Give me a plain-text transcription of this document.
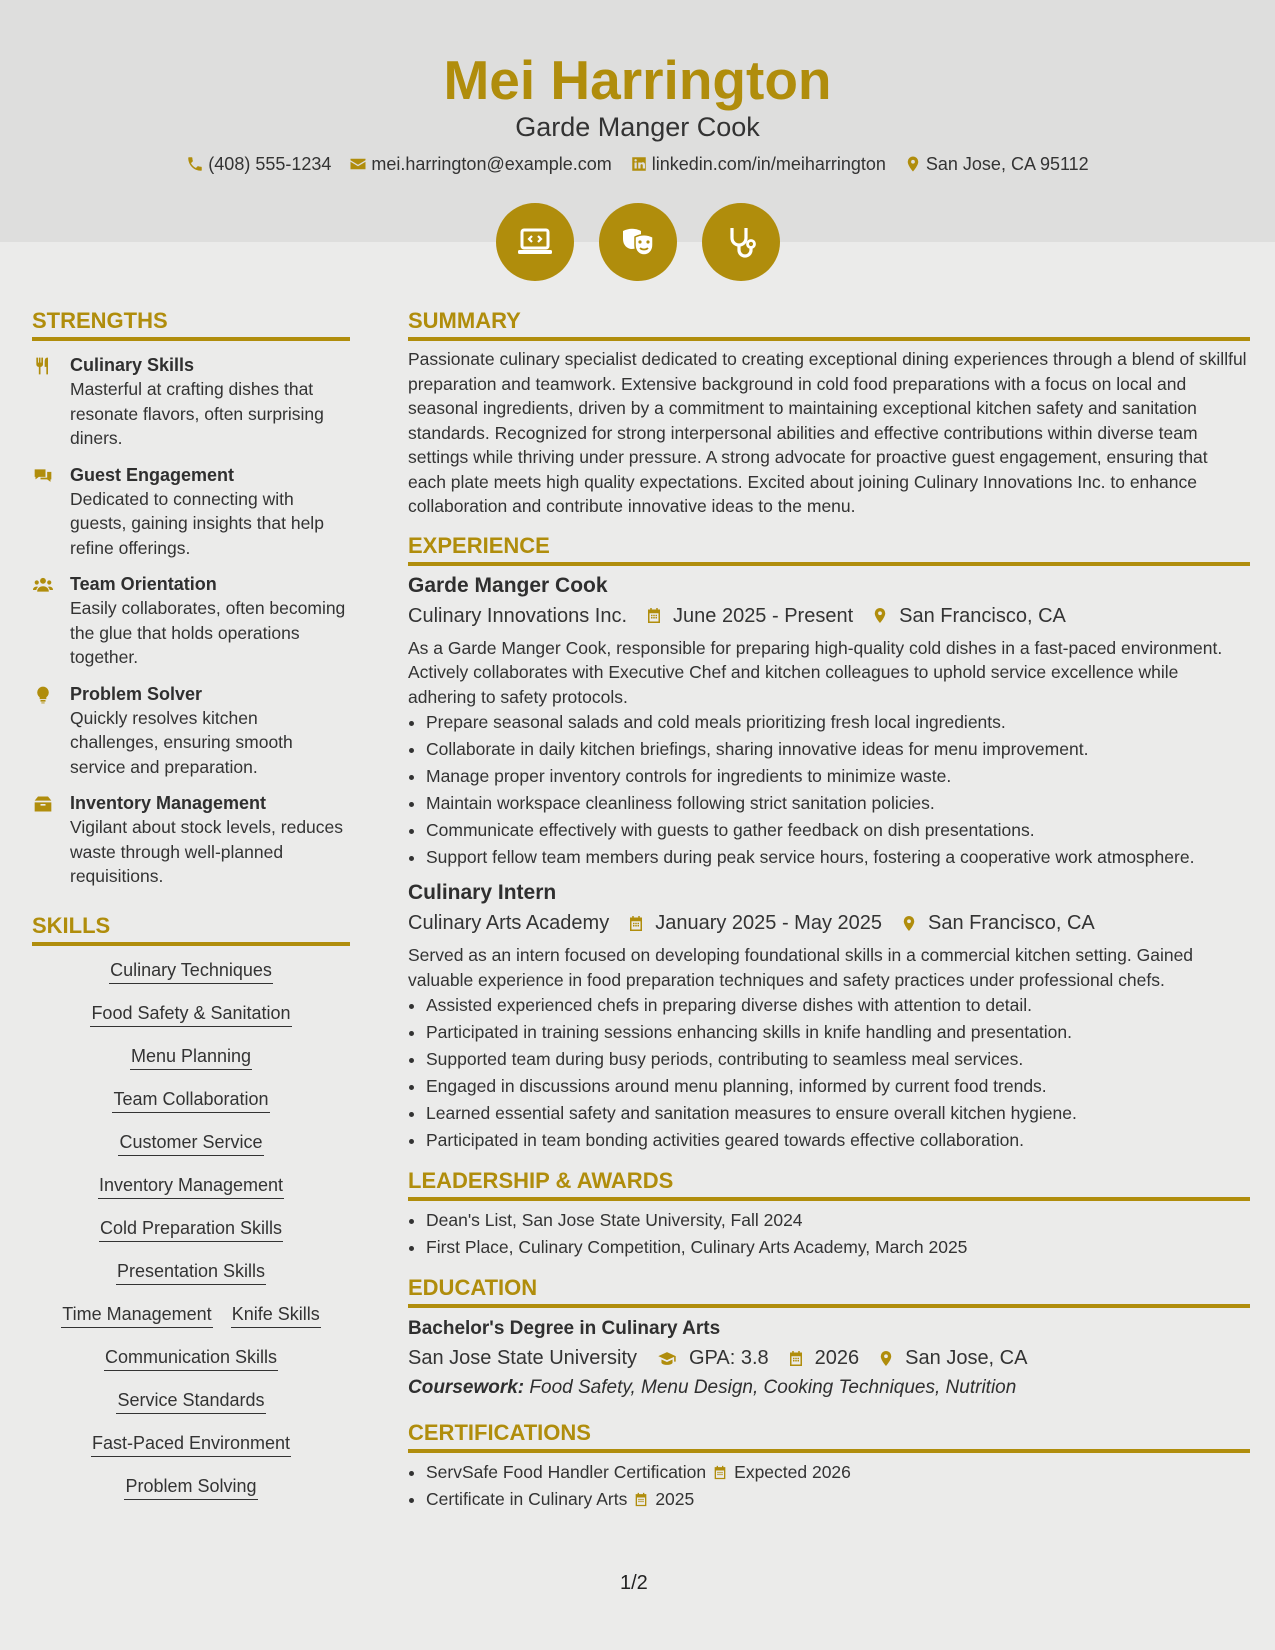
Mei Harrington
Garde Manger Cook
(408) 555-1234 mei.harrington@example.com linkedin.com/in/meiharrington San Jose, CA 95112
STRENGTHS
Culinary Skills
Masterful at crafting dishes that resonate flavors, often surprising diners.
Guest Engagement
Dedicated to connecting with guests, gaining insights that help refine offerings.
Team Orientation
Easily collaborates, often becoming the glue that holds operations together.
Problem Solver
Quickly resolves kitchen challenges, ensuring smooth service and preparation.
Inventory Management
Vigilant about stock levels, reduces waste through well-planned requisitions.
SKILLS
Culinary Techniques
Food Safety & Sanitation
Menu Planning
Team Collaboration
Customer Service
Inventory Management
Cold Preparation Skills
Presentation Skills
Time Management Knife Skills
Communication Skills
Service Standards
Fast-Paced Environment
Problem Solving
SUMMARY

Passionate culinary specialist dedicated to creating exceptional dining experiences through a blend of skillful preparation and teamwork. Extensive background in cold food preparations with a focus on local and seasonal ingredients, driven by a commitment to maintaining exceptional kitchen safety and sanitation standards. Recognized for strong interpersonal abilities and effective contributions within diverse team settings while thriving under pressure. A strong advocate for proactive guest engagement, ensuring that each plate meets high quality expectations. Excited about joining Culinary Innovations Inc. to enhance collaboration and contribute innovative ideas to the menu.

EXPERIENCE
Garde Manger Cook
Culinary Innovations Inc. June 2025 - Present San Francisco, CA

As a Garde Manger Cook, responsible for preparing high-quality cold dishes in a fast-paced environment. Actively collaborates with Executive Chef and kitchen colleagues to uphold service excellence while adhering to safety protocols.

• Prepare seasonal salads and cold meals prioritizing fresh local ingredients.
• Collaborate in daily kitchen briefings, sharing innovative ideas for menu improvement.
• Manage proper inventory controls for ingredients to minimize waste.
• Maintain workspace cleanliness following strict sanitation policies.
• Communicate effectively with guests to gather feedback on dish presentations.
• Support fellow team members during peak service hours, fostering a cooperative work atmosphere.
Culinary Intern
Culinary Arts Academy January 2025 - May 2025 San Francisco, CA

Served as an intern focused on developing foundational skills in a commercial kitchen setting. Gained valuable experience in food preparation techniques and safety practices under professional chefs.

• Assisted experienced chefs in preparing diverse dishes with attention to detail.
• Participated in training sessions enhancing skills in knife handling and presentation.
• Supported team during busy periods, contributing to seamless meal services.
• Engaged in discussions around menu planning, informed by current food trends.
• Learned essential safety and sanitation measures to ensure overall kitchen hygiene.
• Participated in team bonding activities geared towards effective collaboration.
LEADERSHIP & AWARDS
• Dean's List, San Jose State University, Fall 2024
• First Place, Culinary Competition, Culinary Arts Academy, March 2025
EDUCATION
Bachelor's Degree in Culinary Arts
San Jose State University	GPA: 3.8 2026 San Jose, CA
Coursework: Food Safety, Menu Design, Cooking Techniques, Nutrition
CERTIFICATIONS
• ServSafe Food Handler Certification Expected 2026
• Certificate in Culinary Arts 2025
1/2
